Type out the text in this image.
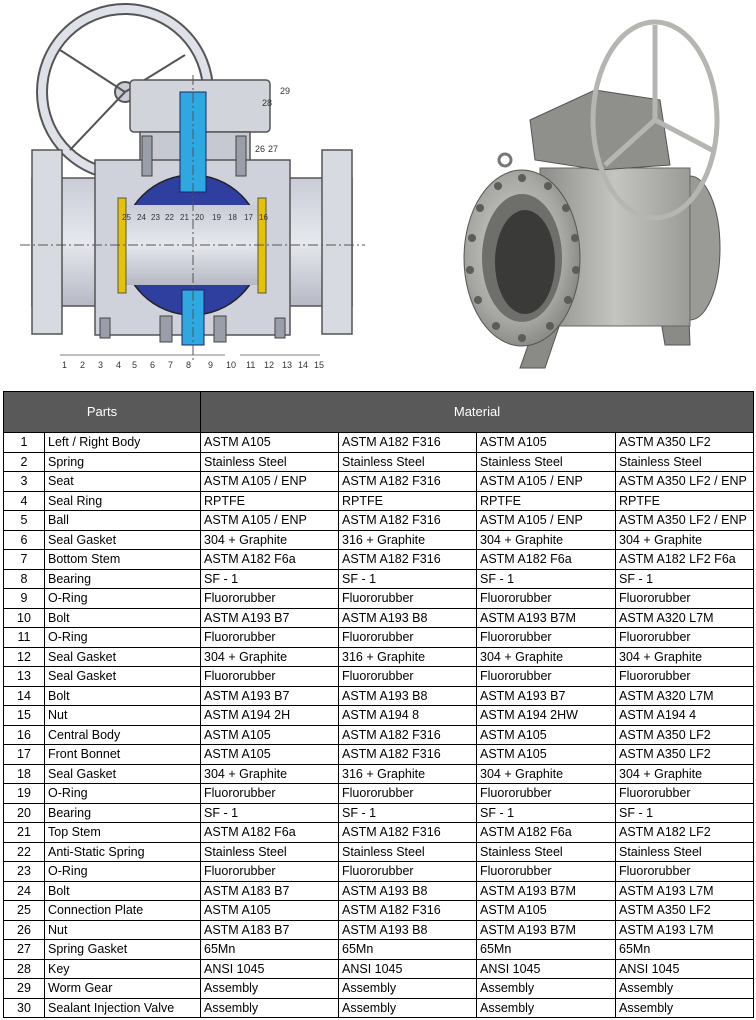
29
28
27
26
25 24 23 22 21 20 19 18 17 16
1 2 3 4 5 6 7 8 9 10 11 12 13 14 15
Parts		Material			
1	Left / Right Body	ASTM A105	ASTM A182 F316	ASTM A105	ASTM A350 LF2
2	Spring	Stainless Steel	Stainless Steel	Stainless Steel	Stainless Steel
3	Seat	ASTM A105 / ENP	ASTM A182 F316	ASTM A105 / ENP	ASTM A350 LF2 / ENP
4	Seal Ring	RPTFE	RPTFE	RPTFE	RPTFE
5	Ball	ASTM A105 / ENP	ASTM A182 F316	ASTM A105 / ENP	ASTM A350 LF2 / ENP
6	Seal Gasket	304 + Graphite	316 + Graphite	304 + Graphite	304 + Graphite
7	Bottom Stem	ASTM A182 F6a	ASTM A182 F316	ASTM A182 F6a	ASTM A182 LF2 F6a
8	Bearing	SF - 1	SF - 1	SF - 1	SF - 1
9	O-Ring	Fluororubber	Fluororubber	Fluororubber	Fluororubber
10	Bolt	ASTM A193 B7	ASTM A193 B8	ASTM A193 B7M	ASTM A320 L7M
11	O-Ring	Fluororubber	Fluororubber	Fluororubber	Fluororubber
12	Seal Gasket	304 + Graphite	316 + Graphite	304 + Graphite	304 + Graphite
13	Seal Gasket	Fluororubber	Fluororubber	Fluororubber	Fluororubber
14	Bolt	ASTM A193 B7	ASTM A193 B8	ASTM A193 B7	ASTM A320 L7M
15	Nut	ASTM A194 2H	ASTM A194 8	ASTM A194 2HW	ASTM A194 4
16	Central Body	ASTM A105	ASTM A182 F316	ASTM A105	ASTM A350 LF2
17	Front Bonnet	ASTM A105	ASTM A182 F316	ASTM A105	ASTM A350 LF2
18	Seal Gasket	304 + Graphite	316 + Graphite	304 + Graphite	304 + Graphite
19	O-Ring	Fluororubber	Fluororubber	Fluororubber	Fluororubber
20	Bearing	SF - 1	SF - 1	SF - 1	SF - 1
21	Top Stem	ASTM A182 F6a	ASTM A182 F316	ASTM A182 F6a	ASTM A182 LF2
22	Anti-Static Spring	Stainless Steel	Stainless Steel	Stainless Steel	Stainless Steel
23	O-Ring	Fluororubber	Fluororubber	Fluororubber	Fluororubber
24	Bolt	ASTM A183 B7	ASTM A193 B8	ASTM A193 B7M	ASTM A193 L7M
25	Connection Plate	ASTM A105	ASTM A182 F316	ASTM A105	ASTM A350 LF2
26	Nut	ASTM A183 B7	ASTM A193 B8	ASTM A193 B7M	ASTM A193 L7M
27	Spring Gasket	65Mn	65Mn	65Mn	65Mn
28	Key	ANSI 1045	ANSI 1045	ANSI 1045	ANSI 1045
29	Worm Gear	Assembly	Assembly	Assembly	Assembly
30	Sealant Injection Valve	Assembly	Assembly	Assembly	Assembly
